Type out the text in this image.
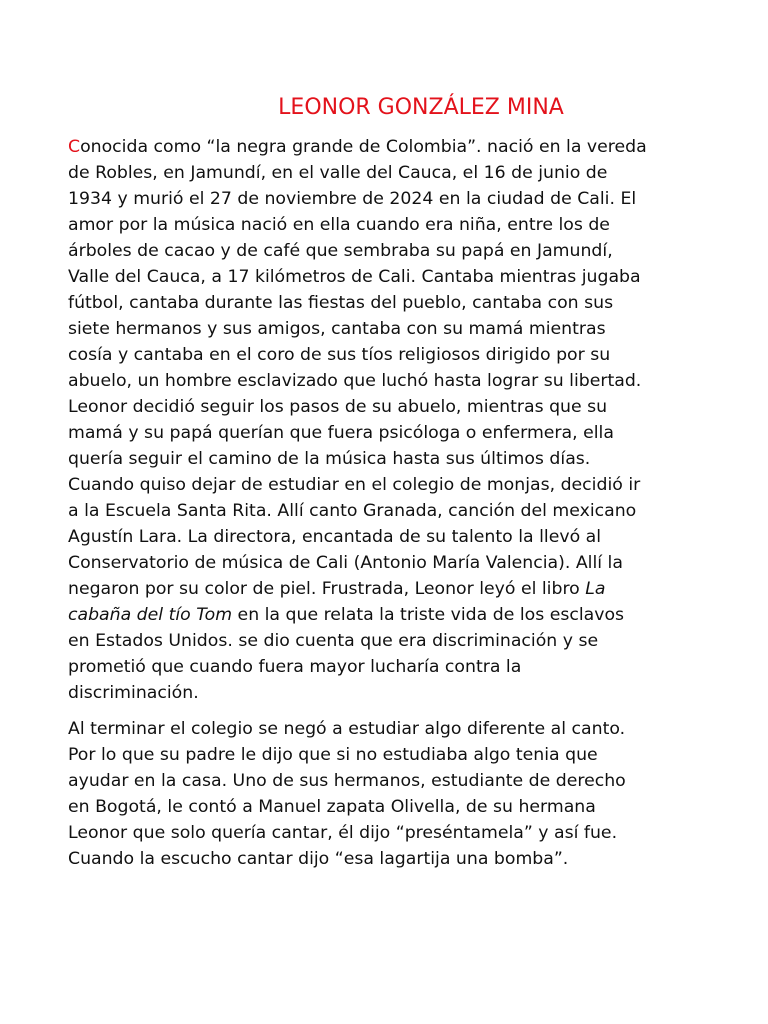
LEONOR GONZÁLEZ MINA

Conocida como “la negra grande de Colombia”. nació en la vereda
de Robles, en Jamundí, en el valle del Cauca, el 16 de junio de
1934 y murió el 27 de noviembre de 2024 en la ciudad de Cali. El
amor por la música nació en ella cuando era niña, entre los de
árboles de cacao y de café que sembraba su papá en Jamundí,
Valle del Cauca, a 17 kilómetros de Cali. Cantaba mientras jugaba
fútbol, cantaba durante las fiestas del pueblo, cantaba con sus
siete hermanos y sus amigos, cantaba con su mamá mientras
cosía y cantaba en el coro de sus tíos religiosos dirigido por su
abuelo, un hombre esclavizado que luchó hasta lograr su libertad.
Leonor decidió seguir los pasos de su abuelo, mientras que su
mamá y su papá querían que fuera psicóloga o enfermera, ella
quería seguir el camino de la música hasta sus últimos días.
Cuando quiso dejar de estudiar en el colegio de monjas, decidió ir
a la Escuela Santa Rita. Allí canto Granada, canción del mexicano
Agustín Lara. La directora, encantada de su talento la llevó al
Conservatorio de música de Cali (Antonio María Valencia). Allí la
negaron por su color de piel. Frustrada, Leonor leyó el libro La
cabaña del tío Tom en la que relata la triste vida de los esclavos
en Estados Unidos. se dio cuenta que era discriminación y se
prometió que cuando fuera mayor lucharía contra la
discriminación.

Al terminar el colegio se negó a estudiar algo diferente al canto.
Por lo que su padre le dijo que si no estudiaba algo tenia que
ayudar en la casa. Uno de sus hermanos, estudiante de derecho
en Bogotá, le contó a Manuel zapata Olivella, de su hermana
Leonor que solo quería cantar, él dijo “preséntamela” y así fue.
Cuando la escucho cantar dijo “esa lagartija una bomba”.
